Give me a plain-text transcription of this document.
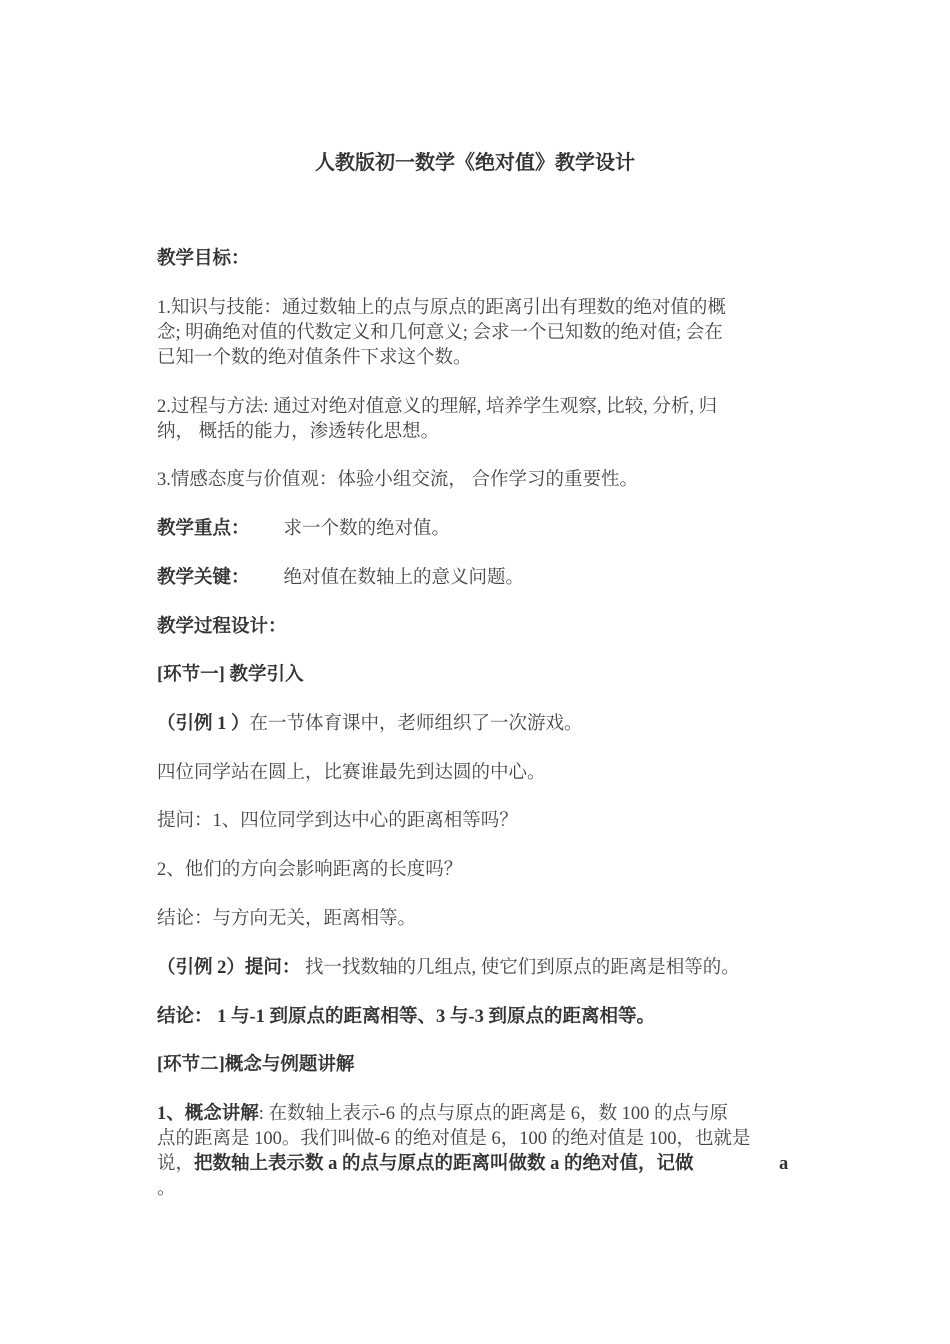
人教版初一数学《绝对值》教学设计
教学目标：
1.知识与技能：通过数轴上的点与原点的距离引出有理数的绝对值的概
念; 明确绝对值的代数定义和几何意义; 会求一个已知数的绝对值; 会在
已知一个数的绝对值条件下求这个数。
2.过程与方法: 通过对绝对值意义的理解, 培养学生观察, 比较, 分析, 归
纳， 概括的能力，渗透转化思想。
3.情感态度与价值观：体验小组交流， 合作学习的重要性。
教学重点： 求一个数的绝对值。
教学关键： 绝对值在数轴上的意义问题。
教学过程设计：
[环节一] 教学引入
（引例 1 ）在一节体育课中，老师组织了一次游戏。
四位同学站在圆上，比赛谁最先到达圆的中心。
提问：1、四位同学到达中心的距离相等吗？
2、他们的方向会影响距离的长度吗？
结论：与方向无关，距离相等。
（引例 2）提问： 找一找数轴的几组点, 使它们到原点的距离是相等的。
结论： 1 与-1 到原点的距离相等、3 与-3 到原点的距离相等。
[环节二]概念与例题讲解
1、概念讲解: 在数轴上表示-6 的点与原点的距离是 6，数 100 的点与原
点的距离是 100。我们叫做-6 的绝对值是 6，100 的绝对值是 100，也就是
说，把数轴上表示数 a 的点与原点的距离叫做数 a 的绝对值，记做	a
。
